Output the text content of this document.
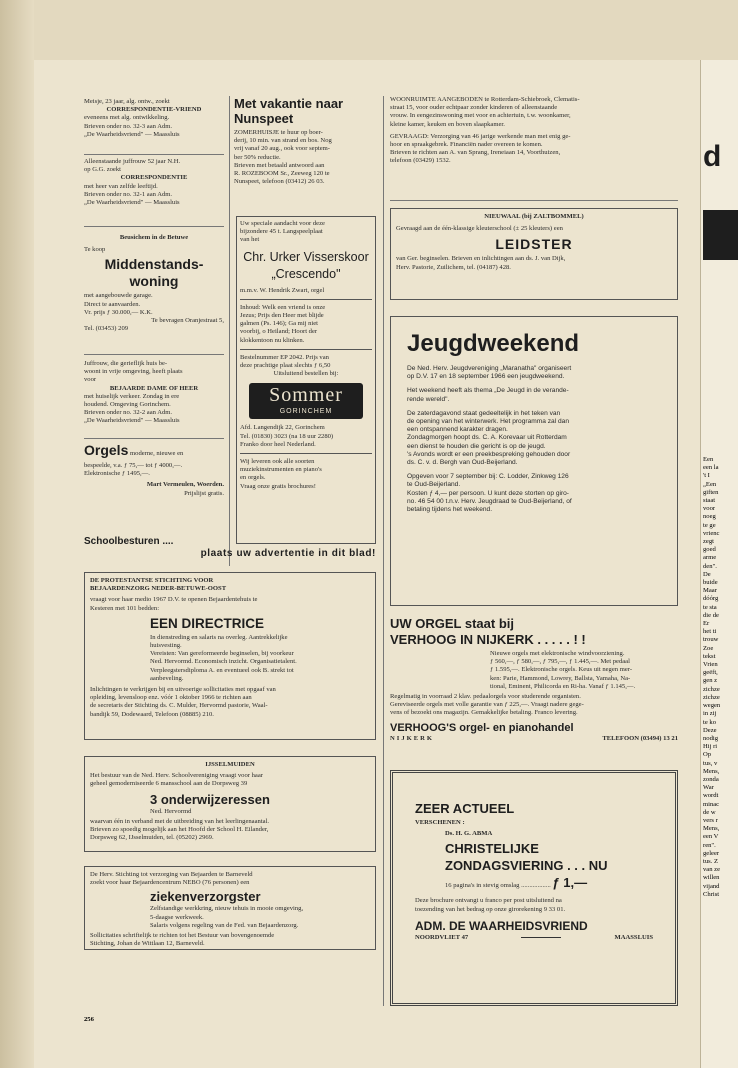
Meisje, 23 jaar, alg. ontw., zoekt

CORRESPONDENTIE-VRIEND

eveneens met alg. ontwikkeling.

Brieven onder no. 32-3 aan Adm.

„De Waarheidsvriend" — Maassluis

Alleenstaande juffrouw 52 jaar N.H.

op G.G. zoekt

CORRESPONDENTIE

met heer van zelfde leeftijd.

Brieven onder no. 32-1 aan Adm.

„De Waarheidsvriend" — Maassluis

Beusichem in de Betuwe

Te koop

Middenstands-woning

met aangebouwde garage.

Direct te aanvaarden.

Vr. prijs ƒ 30.000,— K.K.

Te bevragen Oranjestraat 5,

Tel. (03453) 209

Juffrouw, die gerieflijk huis be-

woont in vrije omgeving, heeft plaats

voor

BEJAARDE DAME OF HEER

met huiselijk verkeer. Zondag in ere

houdend. Omgeving Gorinchem.

Brieven onder no. 32-2 aan Adm.

„De Waarheidsvriend" — Maassluis

Orgels moderne, nieuwe en

bespeelde, v.a. ƒ 75,— tot ƒ 4000,—.

Elektronische ƒ 1495,—.

Mart Vermeulen, Woerden.

Prijslijst gratis.

Met vakantie naar Nunspeet

ZOMERHUISJE te huur op boer-

derij, 10 min. van strand en bos. Nog

vrij vanaf 20 aug., ook voor septem-

ber 50% reductie.

Brieven met betaald antwoord aan

R. ROZEBOOM Sr., Zeeweg 120 te

Nunspeet, telefoon (03412) 26 03.

Uw speciale aandacht voor deze

bijzondere 45 t. Langspeelplaat

van het

Chr. Urker Visserskoor „Crescendo"

m.m.v. W. Hendrik Zwart, orgel

Inhoud: Welk een vriend is onze

Jezus; Prijs den Heer met blijde

galmen (Ps. 146); Ga mij niet

voorbij, o Heiland; Hoort der

klokkentoon nu klinken.

Bestelnummer EP 2042. Prijs van

deze prachtige plaat slechts ƒ 6,50

Uitsluitend bestellen bij:

Sommer
GORINCHEM

Afd. Langendijk 22, Gorinchem

Tel. (01830) 3023 (na 18 uur 2280)

Franko door heel Nederland.

Wij leveren ook alle soorten

muziekinstrumenten en piano's

en orgels.

Vraag onze gratis brochures!

Schoolbesturen ....

plaats uw advertentie in dit blad!

DE PROTESTANTSE STICHTING VOOR

BEJAARDENZORG NEDER-BETUWE-OOST

vraagt voor haar medio 1967 D.V. te openen Bejaardentehuis te

Kesteren met 101 bedden:

EEN DIRECTRICE

In dienstreding en salaris na overleg. Aantrekkelijke

huisvesting.

Vereisten: Van gereformeerde beginselen, bij voorkeur

Ned. Hervormd. Economisch inzicht. Organisatietalent.

Verpleegstersdiploma A. en eventueel ook B. strekt tot

aanbeveling.

Inlichtingen te verkrijgen bij en uitvoerige sollicitaties met opgaaf van

opleiding, levensloop enz. vóór 1 oktober 1966 te richten aan

de secretaris der Stichting ds. C. Mulder, Hervormd pastorie, Waal-

bandijk 59, Dodewaard, Telefoon (08885) 210.

IJSSELMUIDEN

Het bestuur van de Ned. Herv. Schoolvereniging vraagt voor haar

geheel gemoderniseerde 6 mansschool aan de Dorpsweg 39

3 onderwijzeressen

Ned. Hervormd

waarvan één in verband met de uitbreiding van het leerlingenaantal.

Brieven zo spoedig mogelijk aan het Hoofd der School H. Eilander,

Dorpsweg 62, IJsselmuiden, tel. (05202) 2969.

De Herv. Stichting tot verzorging van Bejaarden te Barneveld

zoekt voor haar Bejaardencentrum NEBO (76 personen) een

ziekenverzorgster

Zelfstandige werkkring, nieuw tehuis in mooie omgeving,

5-daagse werkweek.

Salaris volgens regeling van de Fed. van Bejaardenzorg.

Sollicitaties schriftelijk te richten tot het Bestuur van bovengenoemde

Stichting, Johan de Wittlaan 12, Barneveld.

256

WOONRUIMTE AANGEBODEN te Rotterdam-Schiebroek, Clematis-

straat 15, voor ouder echtpaar zonder kinderen of alleenstaande

vrouw. In eengezinswoning met voor en achtertuin, t.w. woonkamer,

kleine kamer, keuken en boven slaapkamer.

GEVRAAGD: Verzorging van 46 jarige werkende man met enig ge-

hoor en spraakgebrek. Financiën nader overeen te komen.

Brieven te richten aan A. van Sprang, Ireneiaan 14, Voorthuizen,

telefoon (03429) 1532.

NIEUWAAL (bij ZALTBOMMEL)

Gevraagd aan de één-klassige kleuterschool (± 25 kleuters) een

LEIDSTER

van Ger. beginselen. Brieven en inlichtingen aan ds. J. van Dijk,

Herv. Pastorie, Zuilichem, tel. (04187) 428.

Jeugdweekend

De Ned. Herv. Jeugdvereniging „Maranatha" organiseert

op D.V. 17 en 18 september 1966 een jeugdweekend.

Het weekend heeft als thema „De Jeugd in de verande-

rende wereld".

De zaterdagavond staat gedeeltelijk in het teken van

de opening van het winterwerk. Het programma zal dan

een ontspannend karakter dragen.

Zondagmorgen hoopt ds. C. A. Korevaar uit Rotterdam

een dienst te houden die gericht is op de jeugd.

's Avonds wordt er een preekbespreking gehouden door

ds. C. v. d. Bergh van Oud-Beijerland.

Opgeven voor 7 september bij: C. Lodder, Zinkweg 126

te Oud-Beijerland.

Kosten ƒ 4,— per persoon. U kunt deze storten op giro-

no. 46 54 00 t.n.v. Herv. Jeugdraad te Oud-Beijerland, of

betaling tijdens het weekend.

UW ORGEL staat bij

VERHOOG IN NIJKERK . . . . . ! !

Nieuwe orgels met elektronische windvoorziening.

ƒ 560,—, ƒ 580,—, ƒ 795,—, ƒ 1.445,—. Met pedaal

ƒ 1.595,—. Elektronische orgels. Keus uit negen mer-

ken: Parie, Hammond, Lowrey, Ballsta, Yamaha, Na-

tional, Eminent, Philicorda en Ri-ha. Vanaf ƒ 1.145,—.

Regelmatig in voorraad 2 klav. pedaalorgels voor studerende organisten.

Gereviseerde orgels met volle garantie van ƒ 225,—. Vraagt nadere gege-

vens of bezoekt ons magazijn. Gemakkelijke betaling. Franco levering.

VERHOOG'S orgel- en pianohandel

NIJKERK	TELEFOON (03494) 13 21

ZEER ACTUEEL

VERSCHENEN :

Ds. H. G. ABMA

CHRISTELIJKE

ZONDAGSVIERING . . . NU

16 pagina's in stevig omslag .................. ƒ 1,—

Deze brochure ontvangt u franco per post uitsluitend na

toezending van het bedrag op onze girorekening 9 33 01.

ADM. DE WAARHEIDSVRIEND

NOORDVLIET 47	MAASSLUIS
d

Een

een la

't I

„Een

giften

staat

voor

noeg

te ge

vrienc

zegt

goed

arme

den".

De

buide

Maar

dóórg

te sta

die de

Er

het ti

trouw

Zoe

tekst

Vrien

geëft,

gen z

zichze

zichze

wegen

in zij

te ko

Deze

nodig

Hij ri

Op

tus, v

Mens,

zonda

War

wordt

minac

de w

vers r

Mens,

een V

ren".

geleer

tus. Z

van ze

willen

vijand

Christ
